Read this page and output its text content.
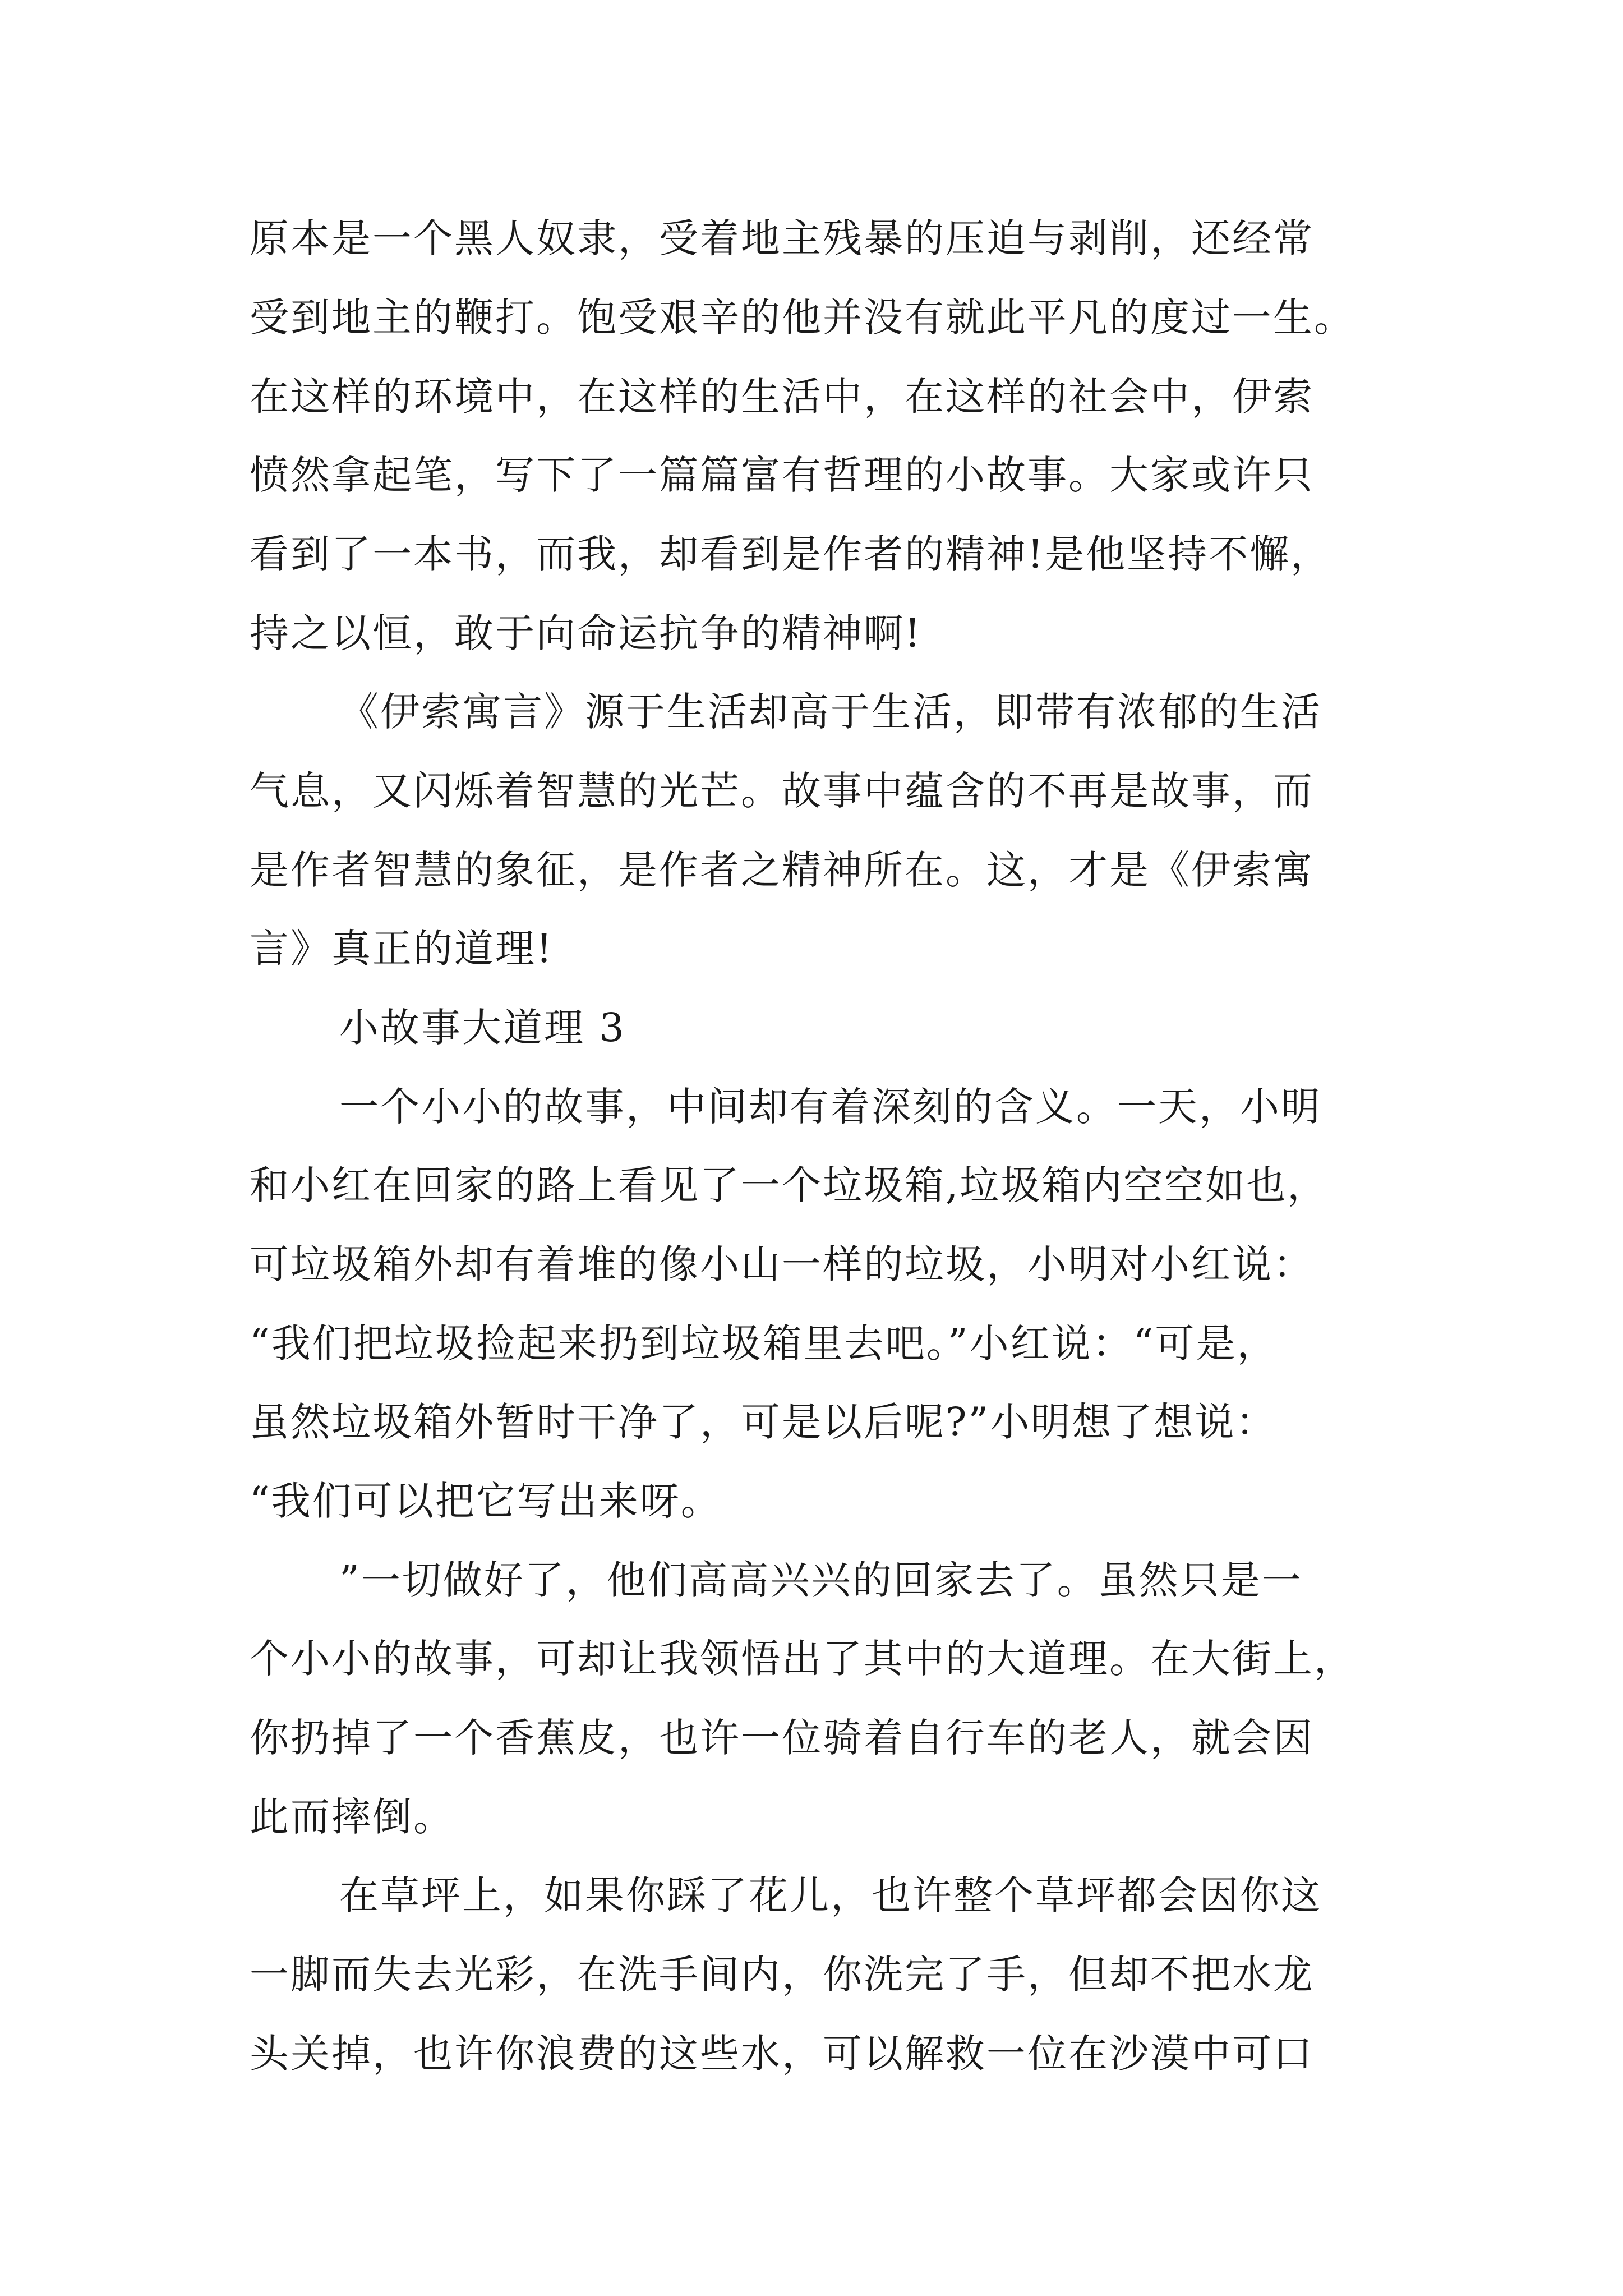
原本是一个黑人奴隶，受着地主残暴的压迫与剥削，还经常

受到地主的鞭打。饱受艰辛的他并没有就此平凡的度过一生。

在这样的环境中，在这样的生活中，在这样的社会中，伊索

愤然拿起笔，写下了一篇篇富有哲理的小故事。大家或许只

看到了一本书，而我，却看到是作者的精神!是他坚持不懈，

持之以恒，敢于向命运抗争的精神啊!

《伊索寓言》源于生活却高于生活，即带有浓郁的生活

气息，又闪烁着智慧的光芒。故事中蕴含的不再是故事，而

是作者智慧的象征，是作者之精神所在。这，才是《伊索寓

言》真正的道理!

小故事大道理 3

一个小小的故事，中间却有着深刻的含义。一天，小明

和小红在回家的路上看见了一个垃圾箱,垃圾箱内空空如也，

可垃圾箱外却有着堆的像小山一样的垃圾，小明对小红说：

“我们把垃圾捡起来扔到垃圾箱里去吧。”小红说：“可是，

虽然垃圾箱外暂时干净了，可是以后呢?”小明想了想说：

“我们可以把它写出来呀。

”一切做好了，他们高高兴兴的回家去了。虽然只是一

个小小的故事，可却让我领悟出了其中的大道理。在大街上，

你扔掉了一个香蕉皮，也许一位骑着自行车的老人，就会因

此而摔倒。

在草坪上，如果你踩了花儿，也许整个草坪都会因你这

一脚而失去光彩，在洗手间内，你洗完了手，但却不把水龙

头关掉，也许你浪费的这些水，可以解救一位在沙漠中可口
